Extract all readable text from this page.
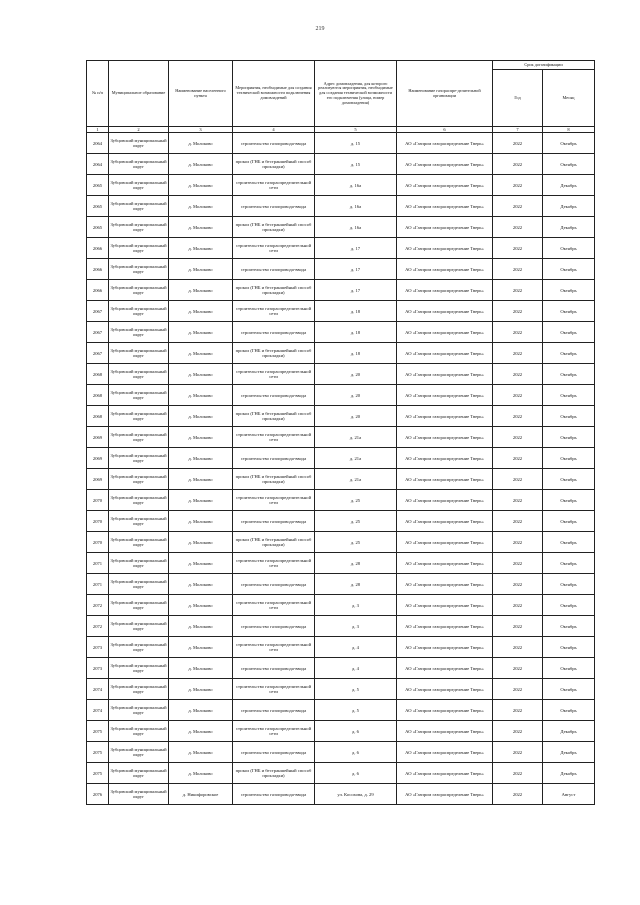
219
№ п/п	Муниципальное образование	Наименование населенного пункта	Мероприятия, необходимые для создания технической возможности подключения домовладений	Адрес домовладения, для которого реализуются мероприятия, необходимые для создания технической возможности его подключения (улица, номер домовладения)	Наименование газораспре-делительной организации	Срок догазификации	
						Год	Месяц
1	2	3	4	5	6	7	8
2064	Зубцовский муниципальный округ	д. Молоково	строительство газопровода-ввода	д. 15	АО «Газпром газораспределение Тверь»	2022	Октябрь
2064	Зубцовский муниципальный округ	д. Молоково	прокол (ГНБ и бестраншейный способ прокладки)	д. 15	АО «Газпром газораспределение Тверь»	2022	Октябрь
2065	Зубцовский муниципальный округ	д. Молоково	строительство газораспределительной сети	д. 16а	АО «Газпром газораспределение Тверь»	2022	Декабрь
2065	Зубцовский муниципальный округ	д. Молоково	строительство газопровода-ввода	д. 16а	АО «Газпром газораспределение Тверь»	2022	Декабрь
2065	Зубцовский муниципальный округ	д. Молоково	прокол (ГНБ и бестраншейный способ прокладки)	д. 16а	АО «Газпром газораспределение Тверь»	2022	Декабрь
2066	Зубцовский муниципальный округ	д. Молоково	строительство газораспределительной сети	д. 17	АО «Газпром газораспределение Тверь»	2022	Октябрь
2066	Зубцовский муниципальный округ	д. Молоково	строительство газопровода-ввода	д. 17	АО «Газпром газораспределение Тверь»	2022	Октябрь
2066	Зубцовский муниципальный округ	д. Молоково	прокол (ГНБ и бестраншейный способ прокладки)	д. 17	АО «Газпром газораспределение Тверь»	2022	Октябрь
2067	Зубцовский муниципальный округ	д. Молоково	строительство газораспределительной сети	д. 18	АО «Газпром газораспределение Тверь»	2022	Октябрь
2067	Зубцовский муниципальный округ	д. Молоково	строительство газопровода-ввода	д. 18	АО «Газпром газораспределение Тверь»	2022	Октябрь
2067	Зубцовский муниципальный округ	д. Молоково	прокол (ГНБ и бестраншейный способ прокладки)	д. 18	АО «Газпром газораспределение Тверь»	2022	Октябрь
2068	Зубцовский муниципальный округ	д. Молоково	строительство газораспределительной сети	д. 20	АО «Газпром газораспределение Тверь»	2022	Октябрь
2068	Зубцовский муниципальный округ	д. Молоково	строительство газопровода-ввода	д. 20	АО «Газпром газораспределение Тверь»	2022	Октябрь
2068	Зубцовский муниципальный округ	д. Молоково	прокол (ГНБ и бестраншейный способ прокладки)	д. 20	АО «Газпром газораспределение Тверь»	2022	Октябрь
2069	Зубцовский муниципальный округ	д. Молоково	строительство газораспределительной сети	д. 21а	АО «Газпром газораспределение Тверь»	2022	Октябрь
2069	Зубцовский муниципальный округ	д. Молоково	строительство газопровода-ввода	д. 21а	АО «Газпром газораспределение Тверь»	2022	Октябрь
2069	Зубцовский муниципальный округ	д. Молоково	прокол (ГНБ и бестраншейный способ прокладки)	д. 21а	АО «Газпром газораспределение Тверь»	2022	Октябрь
2070	Зубцовский муниципальный округ	д. Молоково	строительство газораспределительной сети	д. 25	АО «Газпром газораспределение Тверь»	2022	Октябрь
2070	Зубцовский муниципальный округ	д. Молоково	строительство газопровода-ввода	д. 25	АО «Газпром газораспределение Тверь»	2022	Октябрь
2070	Зубцовский муниципальный округ	д. Молоково	прокол (ГНБ и бестраншейный способ прокладки)	д. 25	АО «Газпром газораспределение Тверь»	2022	Октябрь
2071	Зубцовский муниципальный округ	д. Молоково	строительство газораспределительной сети	д. 28	АО «Газпром газораспределение Тверь»	2022	Октябрь
2071	Зубцовский муниципальный округ	д. Молоково	строительство газопровода-ввода	д. 28	АО «Газпром газораспределение Тверь»	2022	Октябрь
2072	Зубцовский муниципальный округ	д. Молоково	строительство газораспределительной сети	д. 3	АО «Газпром газораспределение Тверь»	2022	Октябрь
2072	Зубцовский муниципальный округ	д. Молоково	строительство газопровода-ввода	д. 3	АО «Газпром газораспределение Тверь»	2022	Октябрь
2073	Зубцовский муниципальный округ	д. Молоково	строительство газораспределительной сети	д. 4	АО «Газпром газораспределение Тверь»	2022	Октябрь
2073	Зубцовский муниципальный округ	д. Молоково	строительство газопровода-ввода	д. 4	АО «Газпром газораспределение Тверь»	2022	Октябрь
2074	Зубцовский муниципальный округ	д. Молоково	строительство газораспределительной сети	д. 5	АО «Газпром газораспределение Тверь»	2022	Октябрь
2074	Зубцовский муниципальный округ	д. Молоково	строительство газопровода-ввода	д. 5	АО «Газпром газораспределение Тверь»	2022	Октябрь
2075	Зубцовский муниципальный округ	д. Молоково	строительство газораспределительной сети	д. 6	АО «Газпром газораспределение Тверь»	2022	Декабрь
2075	Зубцовский муниципальный округ	д. Молоково	строительство газопровода-ввода	д. 6	АО «Газпром газораспределение Тверь»	2022	Декабрь
2075	Зубцовский муниципальный округ	д. Молоково	прокол (ГНБ и бестраншейный способ прокладки)	д. 6	АО «Газпром газораспределение Тверь»	2022	Декабрь
2076	Зубцовский муниципальный округ	д. Никифоровское	строительство газопровода-ввода	ул. Косохова, д. 29	АО «Газпром газораспределение Тверь»	2022	Август
